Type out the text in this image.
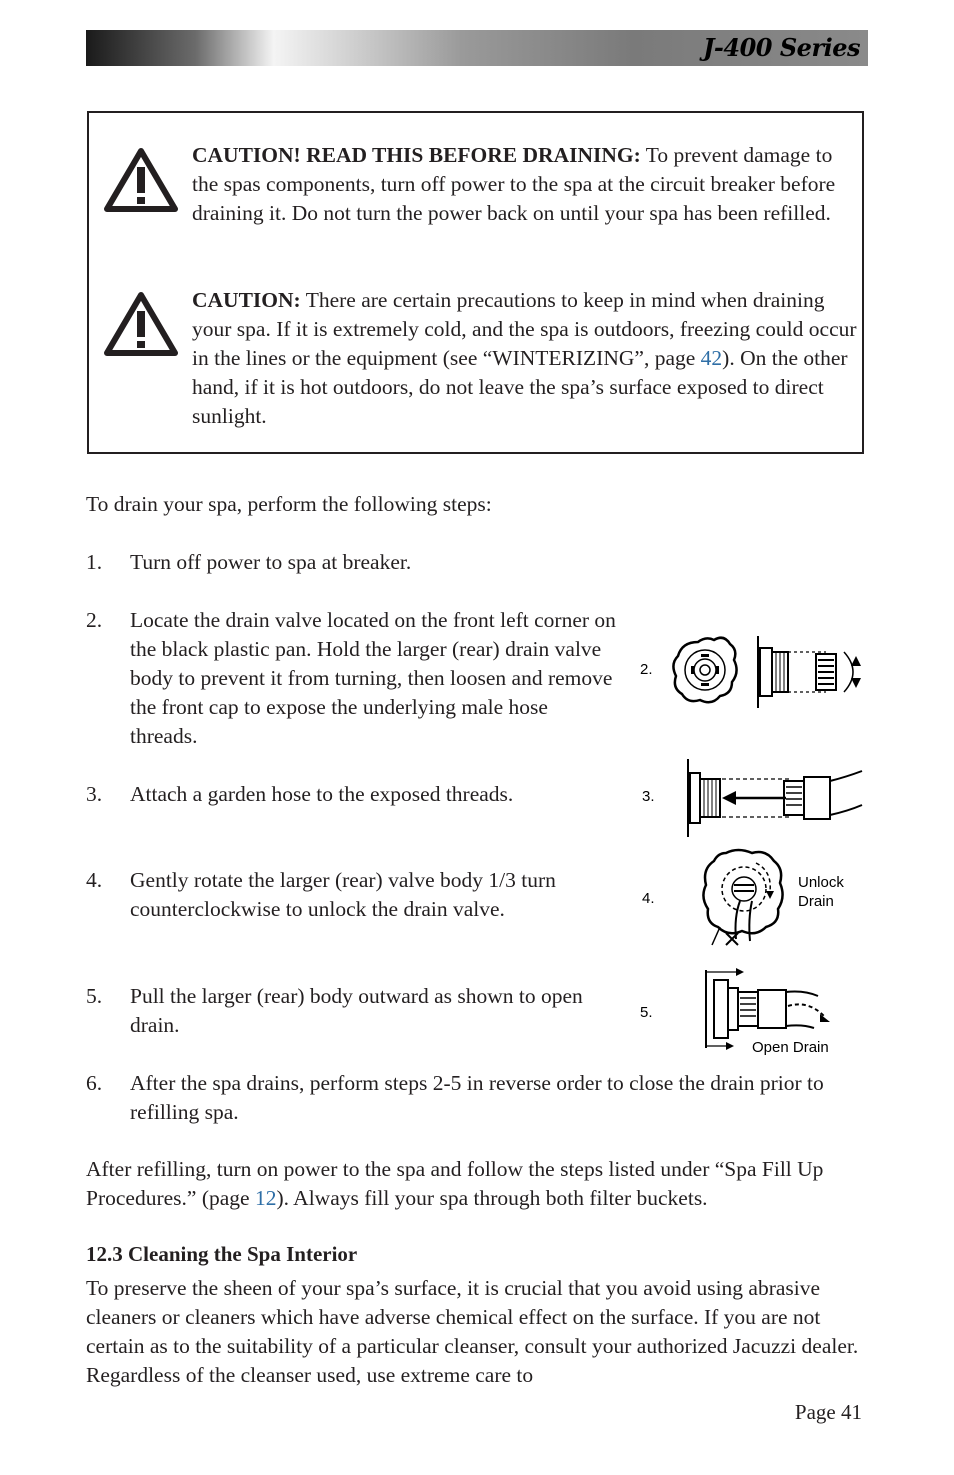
J-400 Series
CAUTION! READ THIS BEFORE DRAINING: To prevent damage to the spas components, turn off power to the spa at the circuit breaker before draining it. Do not turn the power back on until your spa has been refilled.
CAUTION: There are certain precautions to keep in mind when draining your spa. If it is extremely cold, and the spa is outdoors, freezing could occur in the lines or the equipment (see “WINTERIZING”, page 42). On the other hand, if it is hot outdoors, do not leave the spa’s surface exposed to direct sunlight.

To drain your spa, perform the following steps:

1. Turn off power to spa at breaker.
2. Locate the drain valve located on the front left corner on the black plastic pan. Hold the larger (rear) drain valve body to prevent it from turning, then loosen and remove the front cap to expose the underlying male hose threads.
3. Attach a garden hose to the exposed threads.
4. Gently rotate the larger (rear) valve body 1/3 turn counterclockwise to unlock the drain valve.
5. Pull the larger (rear) body outward as shown to open drain.
6. After the spa drains, perform steps 2-5 in reverse order to close the drain prior to refilling spa.
2.
3.
4.
Unlock
Drain
5.
Open Drain

After refilling, turn on power to the spa and follow the steps listed under “Spa Fill Up Procedures.” (page 12). Always fill your spa through both filter buckets.

12.3 Cleaning the Spa Interior

To preserve the sheen of your spa’s surface, it is crucial that you avoid using abrasive cleaners or cleaners which have adverse chemical effect on the surface. If you are not certain as to the suitability of a particular cleanser, consult your authorized Jacuzzi dealer. Regardless of the cleanser used, use extreme care to

Page 41
